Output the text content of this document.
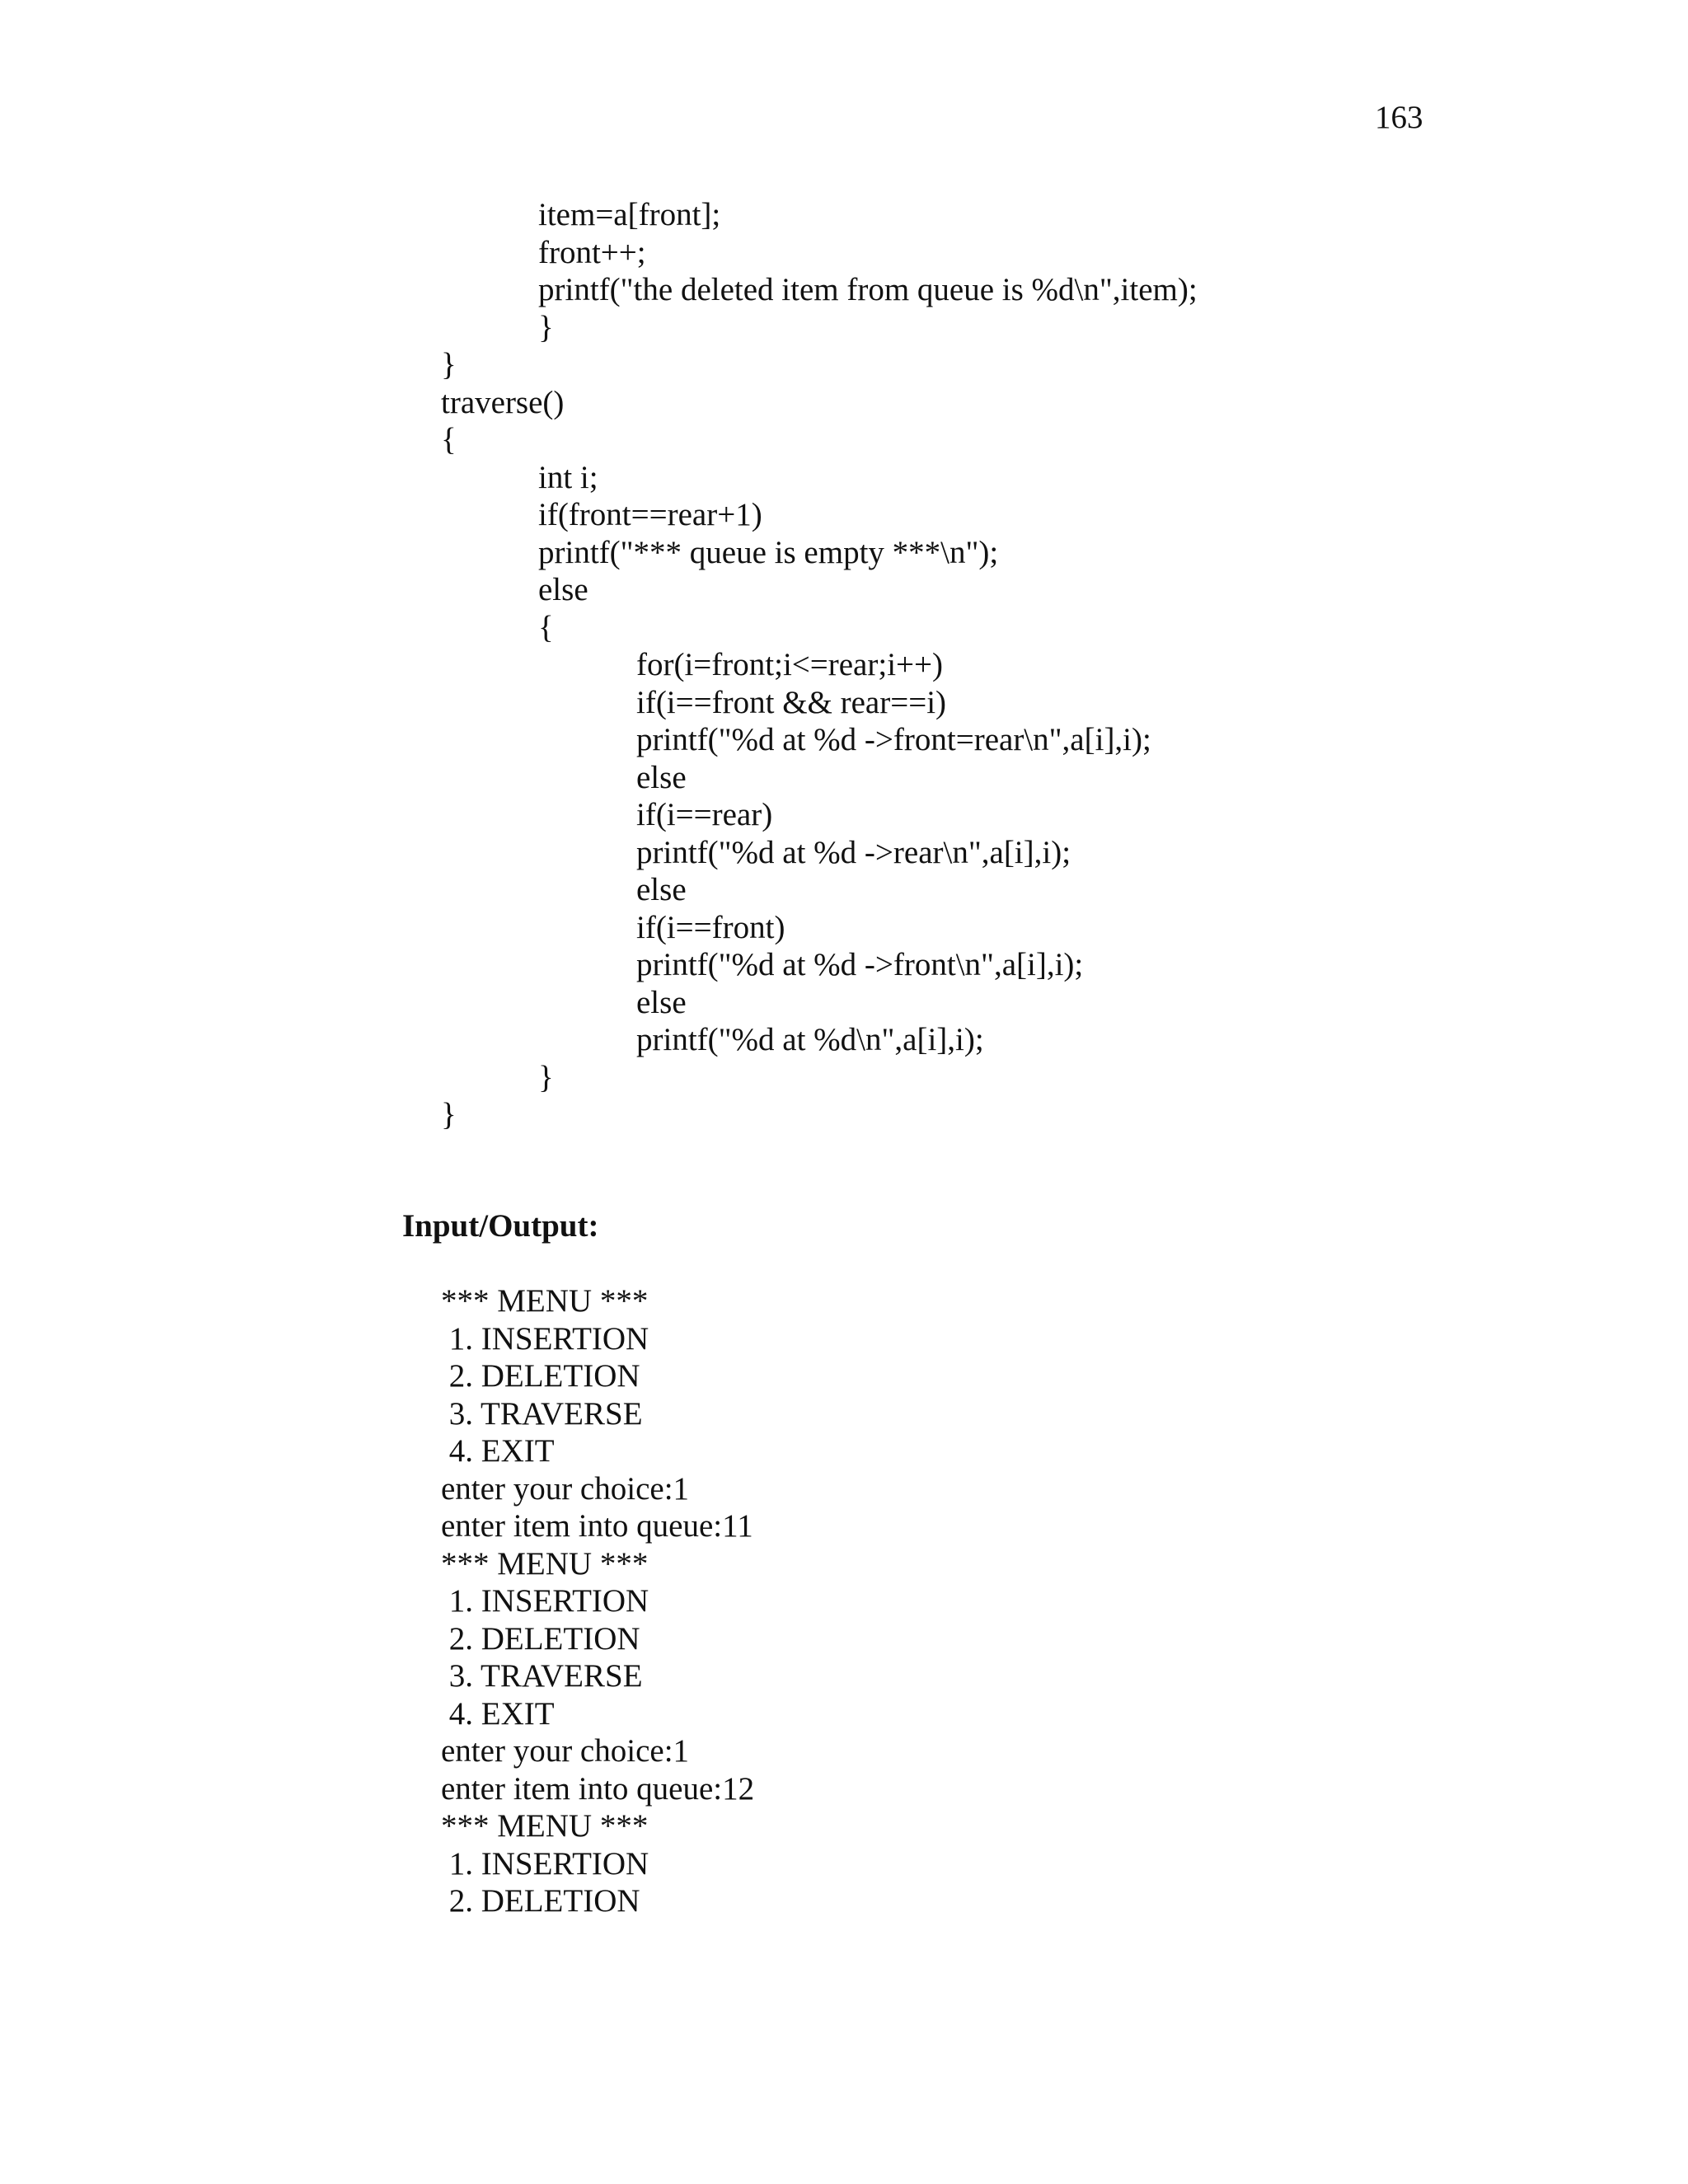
163
item=a[front];
front++;
printf("the deleted item from queue is %d\n",item);
}
}
traverse()
{
int i;
if(front==rear+1)
printf("*** queue is empty ***\n");
else
{
for(i=front;i<=rear;i++)
if(i==front && rear==i)
printf("%d at %d ->front=rear\n",a[i],i);
else
if(i==rear)
printf("%d at %d ->rear\n",a[i],i);
else
if(i==front)
printf("%d at %d ->front\n",a[i],i);
else
printf("%d at %d\n",a[i],i);
}
}
Input/Output:
*** MENU ***
1. INSERTION
2. DELETION
3. TRAVERSE
4. EXIT
enter your choice:1
enter item into queue:11
*** MENU ***
1. INSERTION
2. DELETION
3. TRAVERSE
4. EXIT
enter your choice:1
enter item into queue:12
*** MENU ***
1. INSERTION
2. DELETION
